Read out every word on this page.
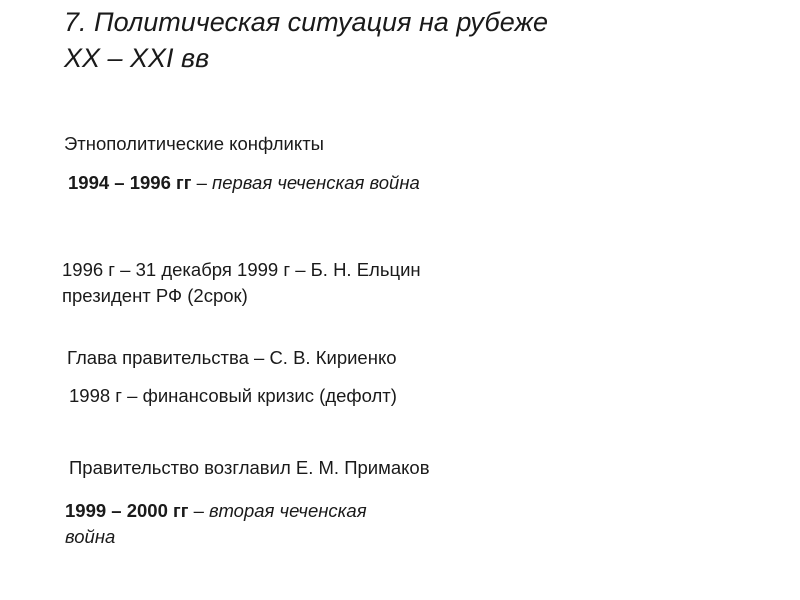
7. Политическая ситуация на рубеже
XX – XXI вв
Этнополитические конфликты
1994 – 1996 гг – первая чеченская война
1996 г – 31 декабря 1999 г – Б. Н. Ельцин
президент РФ (2срок)
Глава правительства – С. В. Кириенко
1998 г – финансовый кризис (дефолт)
Правительство возглавил Е. М. Примаков
1999 – 2000 гг – вторая чеченская
война
